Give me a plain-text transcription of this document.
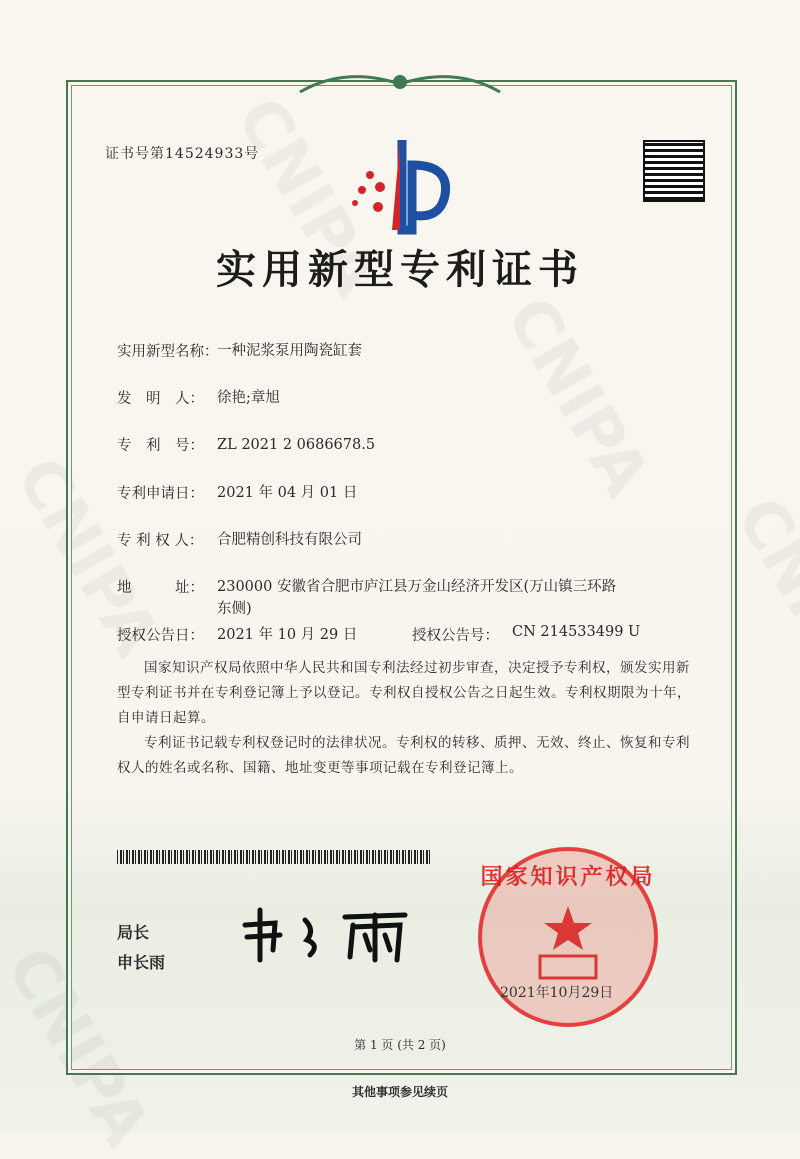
证书号第14524933号
实用新型专利证书
实用新型名称：
一种泥浆泵用陶瓷缸套
发　明　人： 徐艳;章旭
专　利　号： ZL 2021 2 0686678.5
专利申请日： 2021 年 04 月 01 日
专 利 权 人： 合肥精创科技有限公司
地　　　址： 230000 安徽省合肥市庐江县万金山经济开发区(万山镇三环路东侧)
授权公告日： 2021 年 10 月 29 日	授权公告号： CN 214533499 U
国家知识产权局依照中华人民共和国专利法经过初步审查，决定授予专利权，颁发实用新型专利证书并在专利登记簿上予以登记。专利权自授权公告之日起生效。专利权期限为十年，自申请日起算。
专利证书记载专利权登记时的法律状况。专利权的转移、质押、无效、终止、恢复和专利权人的姓名或名称、国籍、地址变更等事项记载在专利登记簿上。
局长
申长雨
国家知识产权局
2021年10月29日
第 1 页 (共 2 页)
其他事项参见续页
